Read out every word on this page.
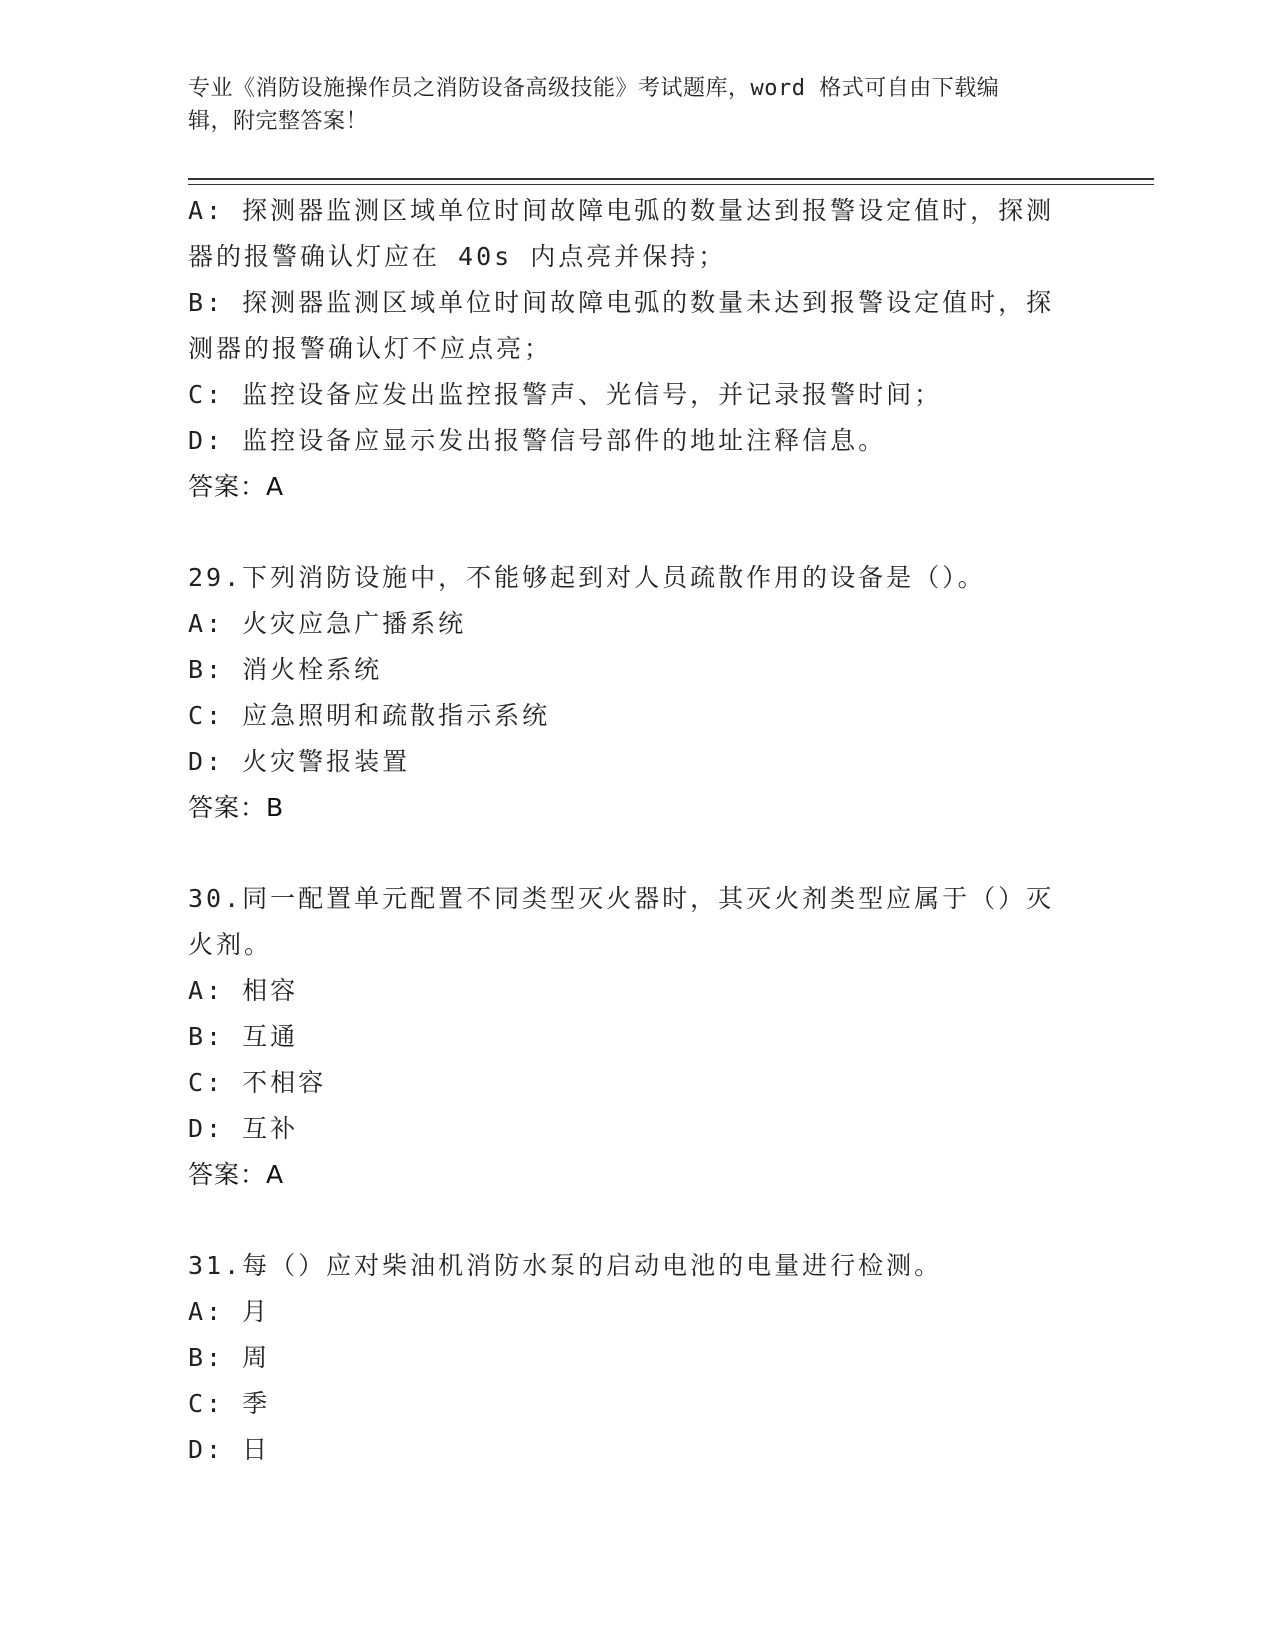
专业《消防设施操作员之消防设备高级技能》考试题库，word 格式可自由下载编
辑，附完整答案！
A: 探测器监测区域单位时间故障电弧的数量达到报警设定值时，探测
器的报警确认灯应在 40s 内点亮并保持；
B: 探测器监测区域单位时间故障电弧的数量未达到报警设定值时，探
测器的报警确认灯不应点亮；
C: 监控设备应发出监控报警声、光信号，并记录报警时间；
D: 监控设备应显示发出报警信号部件的地址注释信息。
答案：A
29.下列消防设施中，不能够起到对人员疏散作用的设备是（）。
A: 火灾应急广播系统
B: 消火栓系统
C: 应急照明和疏散指示系统
D: 火灾警报装置
答案：B
30.同一配置单元配置不同类型灭火器时，其灭火剂类型应属于（）灭
火剂。
A: 相容
B: 互通
C: 不相容
D: 互补
答案：A
31.每（）应对柴油机消防水泵的启动电池的电量进行检测。
A: 月
B: 周
C: 季
D: 日
